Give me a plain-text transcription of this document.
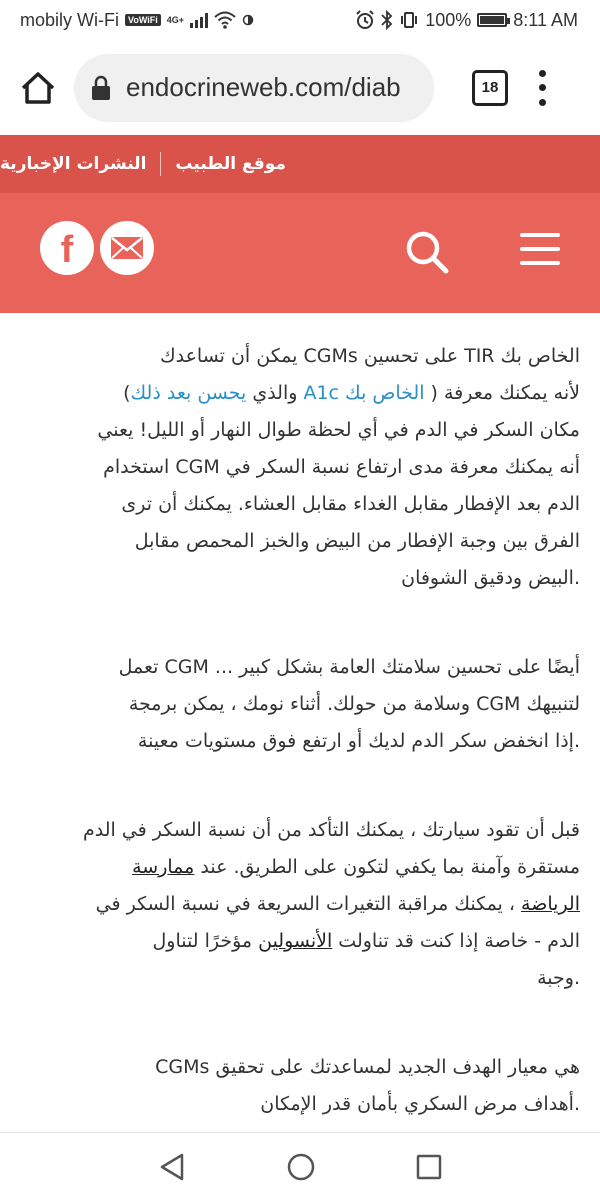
mobily Wi-Fi	VoWiFi	4G+	100% 8:11 AM
endocrineweb.com/diab	18
موقع الطبيب
النشرات الإخبارية
f

الخاص بك TIR على تحسين CGMs يمكن أن تساعدك
لأنه يمكنك معرفة ( الخاص بك A1c والذي يحسن بعد ذلك)
مكان السكر في الدم في أي لحظة طوال النهار أو الليل! يعني
أنه يمكنك معرفة مدى ارتفاع نسبة السكر في CGM استخدام
الدم بعد الإفطار مقابل الغداء مقابل العشاء. يمكنك أن ترى
الفرق بين وجبة الإفطار من البيض والخبز المحمص مقابل
.البيض ودقيق الشوفان

أيضًا على تحسين سلامتك العامة بشكل كبير ... CGM تعمل
لتنبيهك CGM وسلامة من حولك. أثناء نومك ، يمكن برمجة
.إذا انخفض سكر الدم لديك أو ارتفع فوق مستويات معينة

قبل أن تقود سيارتك ، يمكنك التأكد من أن نسبة السكر في الدم
مستقرة وآمنة بما يكفي لتكون على الطريق. عند ممارسة
الرياضة ، يمكنك مراقبة التغيرات السريعة في نسبة السكر في
الدم - خاصة إذا كنت قد تناولت الأنسولين مؤخرًا لتناول
.وجبة

هي معيار الهدف الجديد لمساعدتك على تحقيق CGMs
.أهداف مرض السكري بأمان قدر الإمكان
